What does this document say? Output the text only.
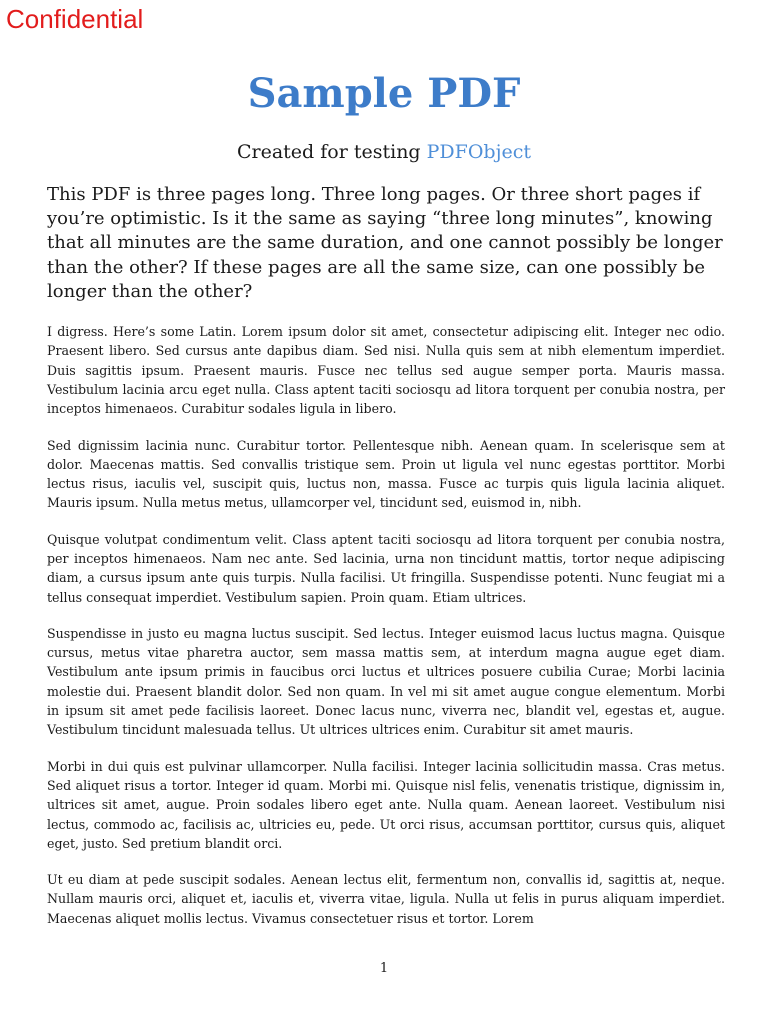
Confidential
Sample PDF

Created for testing PDFObject

This PDF is three pages long. Three long pages. Or three short pages if you’re optimistic. Is it the same as saying “three long minutes”, knowing that all minutes are the same duration, and one cannot possibly be longer than the other? If these pages are all the same size, can one possibly be longer than the other?

I digress. Here’s some Latin. Lorem ipsum dolor sit amet, consectetur adipiscing elit. Integer nec odio. Praesent libero. Sed cursus ante dapibus diam. Sed nisi. Nulla quis sem at nibh elementum imperdiet. Duis sagittis ipsum. Praesent mauris. Fusce nec tellus sed augue semper porta. Mauris massa. Vestibulum lacinia arcu eget nulla. Class aptent taciti sociosqu ad litora torquent per conubia nostra, per inceptos himenaeos. Curabitur sodales ligula in libero.

Sed dignissim lacinia nunc. Curabitur tortor. Pellentesque nibh. Aenean quam. In scelerisque sem at dolor. Maecenas mattis. Sed convallis tristique sem. Proin ut ligula vel nunc egestas porttitor. Morbi lectus risus, iaculis vel, suscipit quis, luctus non, massa. Fusce ac turpis quis ligula lacinia aliquet. Mauris ipsum. Nulla metus metus, ullamcorper vel, tincidunt sed, euismod in, nibh.

Quisque volutpat condimentum velit. Class aptent taciti sociosqu ad litora torquent per conubia nostra, per inceptos himenaeos. Nam nec ante. Sed lacinia, urna non tincidunt mattis, tortor neque adipiscing diam, a cursus ipsum ante quis turpis. Nulla facilisi. Ut fringilla. Suspendisse potenti. Nunc feugiat mi a tellus consequat imperdiet. Vestibulum sapien. Proin quam. Etiam ultrices.

Suspendisse in justo eu magna luctus suscipit. Sed lectus. Integer euismod lacus luctus magna. Quisque cursus, metus vitae pharetra auctor, sem massa mattis sem, at interdum magna augue eget diam. Vestibulum ante ipsum primis in faucibus orci luctus et ultrices posuere cubilia Curae; Morbi lacinia molestie dui. Praesent blandit dolor. Sed non quam. In vel mi sit amet augue congue elementum. Morbi in ipsum sit amet pede facilisis laoreet. Donec lacus nunc, viverra nec, blandit vel, egestas et, augue. Vestibulum tincidunt malesuada tellus. Ut ultrices ultrices enim. Curabitur sit amet mauris.

Morbi in dui quis est pulvinar ullamcorper. Nulla facilisi. Integer lacinia sollicitudin massa. Cras metus. Sed aliquet risus a tortor. Integer id quam. Morbi mi. Quisque nisl felis, venenatis tristique, dignissim in, ultrices sit amet, augue. Proin sodales libero eget ante. Nulla quam. Aenean laoreet. Vestibulum nisi lectus, commodo ac, facilisis ac, ultricies eu, pede. Ut orci risus, accumsan porttitor, cursus quis, aliquet eget, justo. Sed pretium blandit orci.

Ut eu diam at pede suscipit sodales. Aenean lectus elit, fermentum non, convallis id, sagittis at, neque. Nullam mauris orci, aliquet et, iaculis et, viverra vitae, ligula. Nulla ut felis in purus aliquam imperdiet. Maecenas aliquet mollis lectus. Vivamus consectetuer risus et tortor. Lorem

1
